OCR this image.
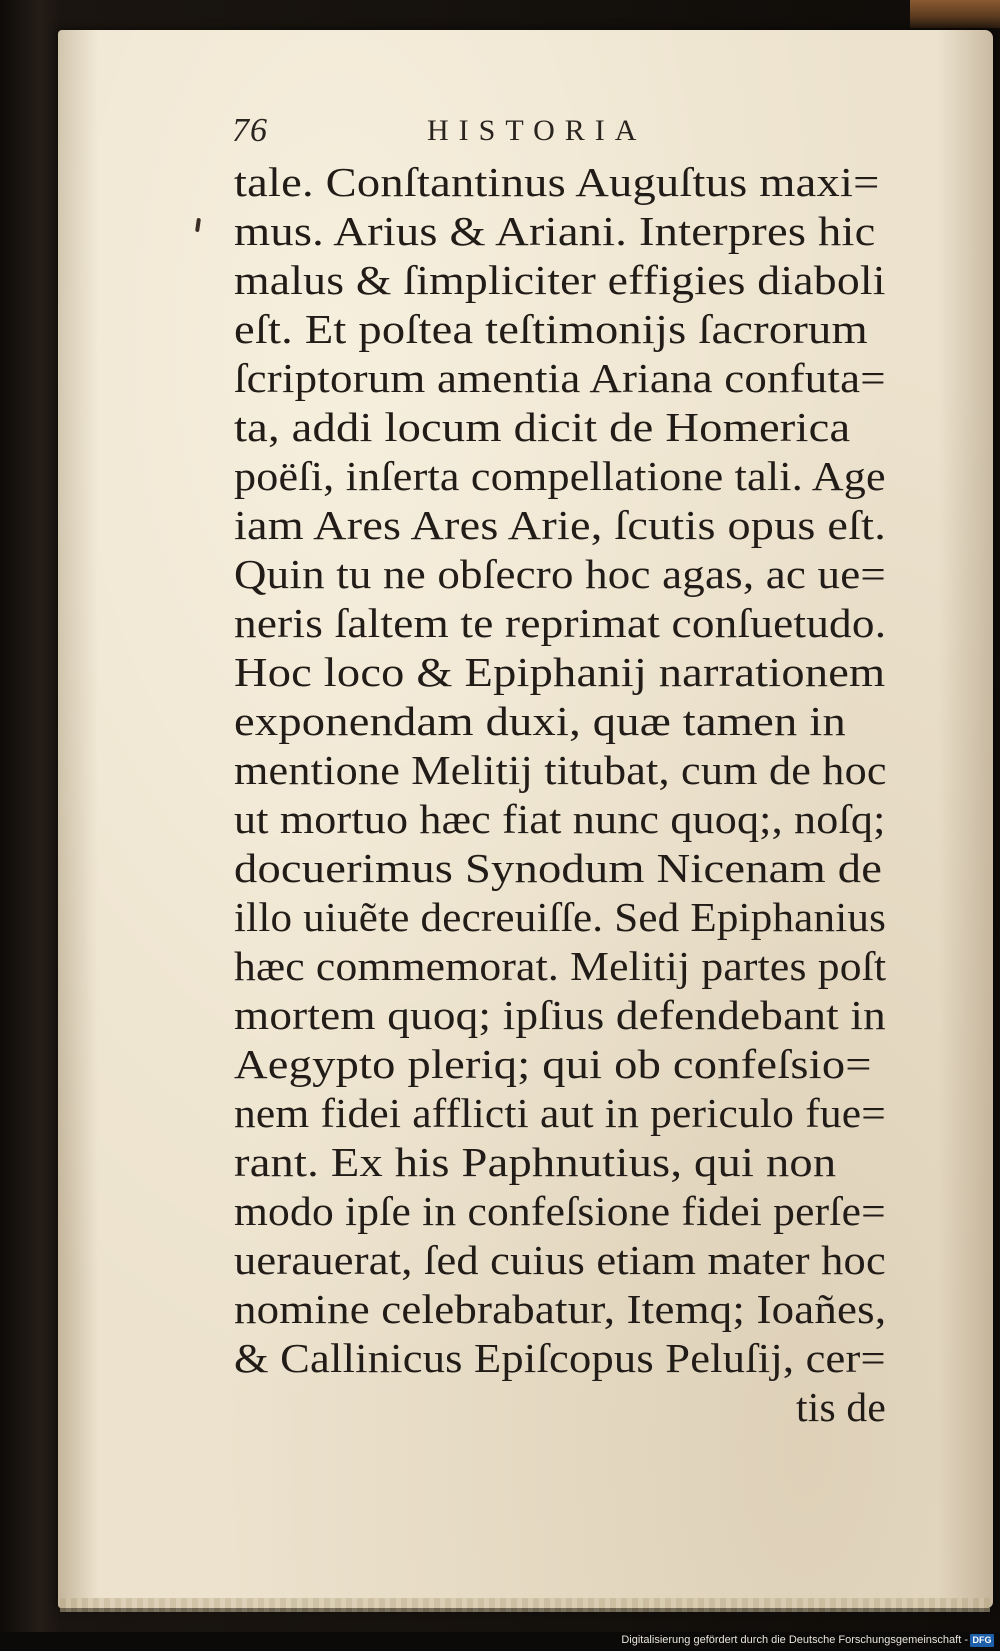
76	HISTORIA
tale. Conſtantinus Auguſtus maxi=
mus. Arius & Ariani. Interpres hic
malus & ſimpliciter effigies diaboli
eſt. Et poſtea teſtimonijs ſacrorum
ſcriptorum amentia Ariana confuta=
ta, addi locum dicit de Homerica
poëſi, inſerta compellatione tali. Age
iam Ares Ares Arie, ſcutis opus eſt.
Quin tu ne obſecro hoc agas, ac ue=
neris ſaltem te reprimat conſuetudo.
Hoc loco & Epiphanij narrationem
exponendam duxi, quæ tamen in
mentione Melitij titubat, cum de hoc
ut mortuo hæc fiat nunc quoq;, noſq;
docuerimus Synodum Nicenam de
illo uiuẽte decreuiſſe. Sed Epiphanius
hæc commemorat. Melitij partes poſt
mortem quoq; ipſius defendebant in
Aegypto pleriq; qui ob confeſsio=
nem fidei afflicti aut in periculo fue=
rant. Ex his Paphnutius, qui non
modo ipſe in confeſsione fidei perſe=
uerauerat, ſed cuius etiam mater hoc
nomine celebrabatur, Itemq; Ioañes,
& Callinicus Epiſcopus Peluſij, cer=
tis de
Digitalisierung gefördert durch die Deutsche Forschungsgemeinschaft - DFG
